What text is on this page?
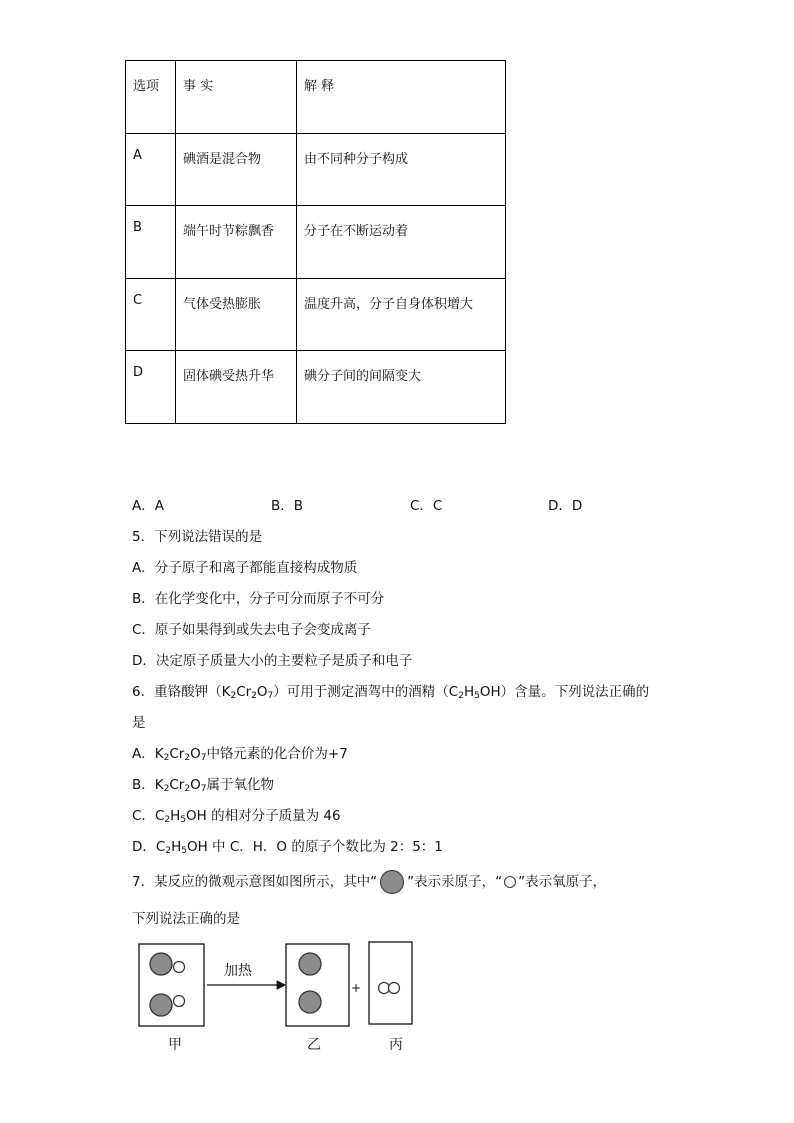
选项	事 实	解 释
A	碘酒是混合物	由不同种分子构成
B	端午时节粽飘香	分子在不断运动着
C	气体受热膨胀	温度升高，分子自身体积增大
D	固体碘受热升华	碘分子间的间隔变大
A．A	B．B	C．C	D．D
5．下列说法错误的是
A．分子原子和离子都能直接构成物质
B．在化学变化中，分子可分而原子不可分
C．原子如果得到或失去电子会变成离子
D．决定原子质量大小的主要粒子是质子和电子
6．重铬酸钾$(K_2Cr_2O_7)$可用于测定酒驾中的酒精$(C_2H_5OH)$含量。下列说法正确的
是
A．$K_2Cr_2O_7$中铬元素的化合价为+7
B．$K_2Cr_2O_7$属于氧化物
C．$C_2H_5OH$ 的相对分子质量为 46
D．$C_2H_5OH$ 中 C．H．O 的原子个数比为 2：5：1
7．某反应的微观示意图如图所示，其中“ ”表示汞原子，“ ”表示氧原子，
下列说法正确的是
加热
+
甲	乙	丙
